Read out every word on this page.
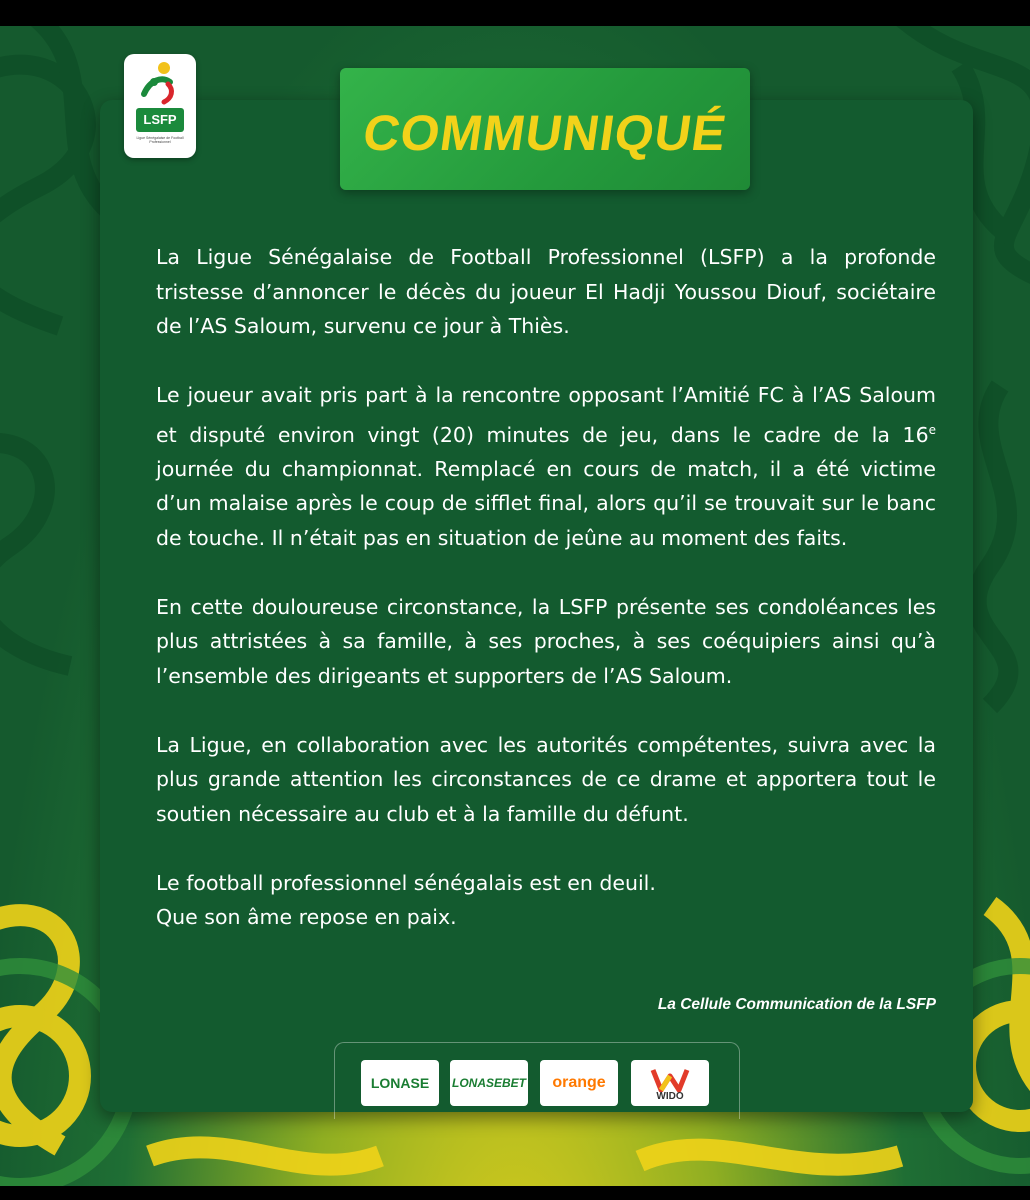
LSFP
Ligue Sénégalaise de Football Professionnel	COMMUNIQUÉ

La Ligue Sénégalaise de Football Professionnel (LSFP) a la profonde tristesse d’annoncer le décès du joueur El Hadji Youssou Diouf, sociétaire de l’AS Saloum, survenu ce jour à Thiès.

Le joueur avait pris part à la rencontre opposant l’Amitié FC à l’AS Saloum et disputé environ vingt (20) minutes de jeu, dans le cadre de la 16e journée du championnat. Remplacé en cours de match, il a été victime d’un malaise après le coup de sifflet final, alors qu’il se trouvait sur le banc de touche. Il n’était pas en situation de jeûne au moment des faits.

En cette douloureuse circonstance, la LSFP présente ses condoléances les plus attristées à sa famille, à ses proches, à ses coéquipiers ainsi qu’à l’ensemble des dirigeants et supporters de l’AS Saloum.

La Ligue, en collaboration avec les autorités compétentes, suivra avec la plus grande attention les circonstances de ce drame et apportera tout le soutien nécessaire au club et à la famille du défunt.

Le football professionnel sénégalais est en deuil.
Que son âme repose en paix.

La Cellule Communication de la LSFP
LONASE	LONASEBET	orange
WIDO
